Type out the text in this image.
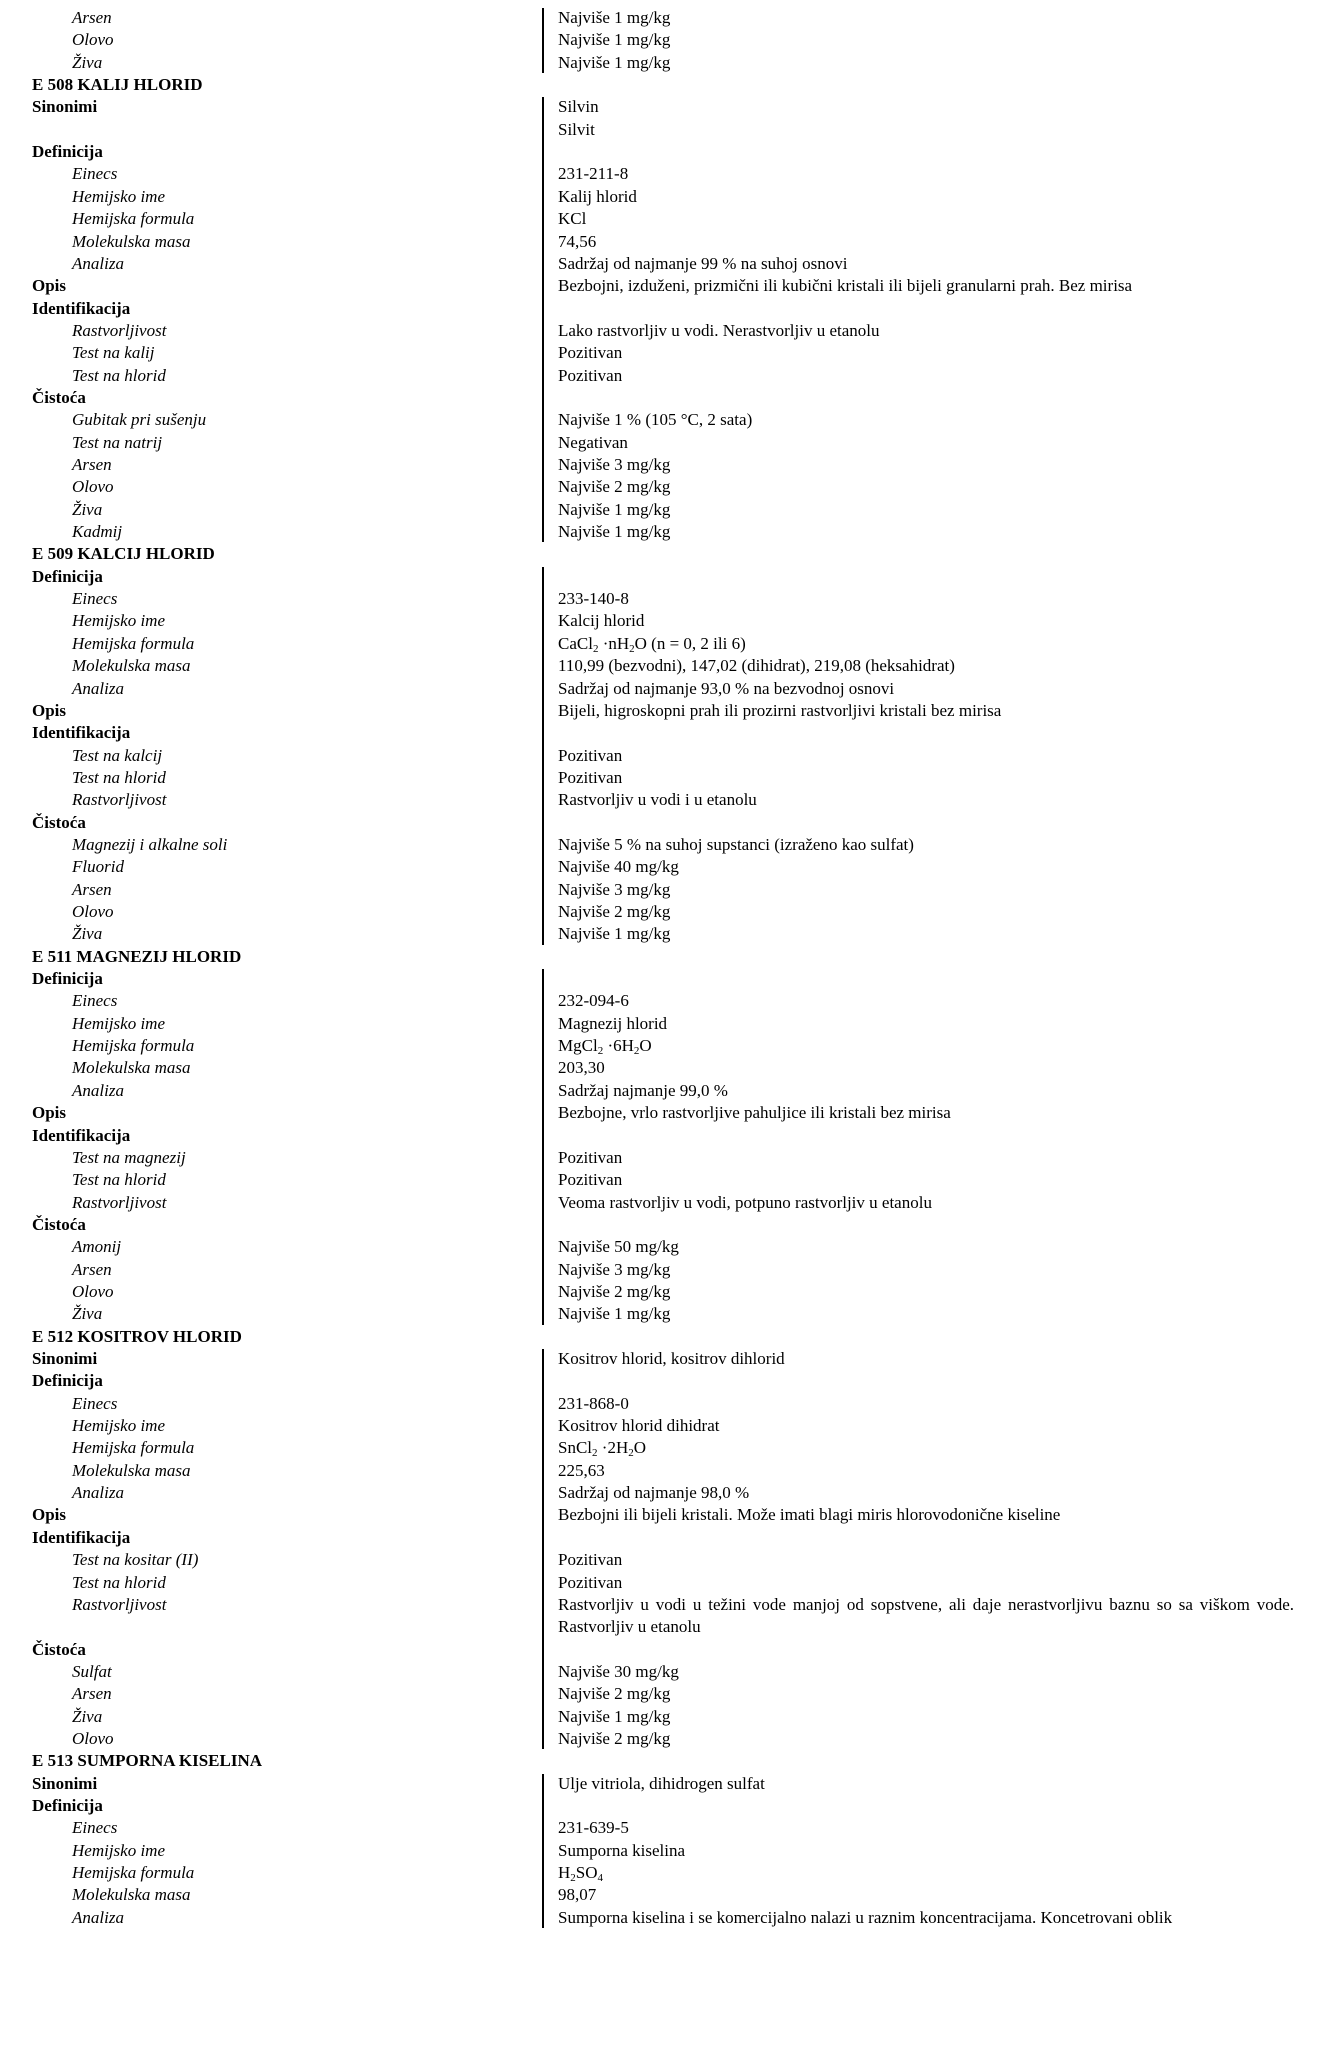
Arsen	Najviše 1 mg/kg
Olovo	Najviše 1 mg/kg
Živa	Najviše 1 mg/kg
E 508 KALIJ HLORID
Sinonimi	Silvin
Silvit
Definicija
Einecs	231-211-8
Hemijsko ime	Kalij hlorid
Hemijska formula	KCl
Molekulska masa	74,56
Analiza	Sadržaj od najmanje 99 % na suhoj osnovi
Opis	Bezbojni, izduženi, prizmični ili kubični kristali ili bijeli granularni prah. Bez mirisa
Identifikacija
Rastvorljivost	Lako rastvorljiv u vodi. Nerastvorljiv u etanolu
Test na kalij	Pozitivan
Test na hlorid	Pozitivan
Čistoća
Gubitak pri sušenju	Najviše 1 % (105 °C, 2 sata)
Test na natrij	Negativan
Arsen	Najviše 3 mg/kg
Olovo	Najviše 2 mg/kg
Živa	Najviše 1 mg/kg
Kadmij	Najviše 1 mg/kg
E 509 KALCIJ HLORID
Definicija
Einecs	233-140-8
Hemijsko ime	Kalcij hlorid
Hemijska formula	CaCl$_2$ $\cdot nH_2O$ (n = 0, 2 ili 6)
Molekulska masa	110,99 (bezvodni), 147,02 (dihidrat), 219,08 (heksahidrat)
Analiza	Sadržaj od najmanje 93,0 % na bezvodnoj osnovi
Opis	Bijeli, higroskopni prah ili prozirni rastvorljivi kristali bez mirisa
Identifikacija
Test na kalcij	Pozitivan
Test na hlorid	Pozitivan
Rastvorljivost	Rastvorljiv u vodi i u etanolu
Čistoća
Magnezij i alkalne soli	Najviše 5 % na suhoj supstanci (izraženo kao sulfat)
Fluorid	Najviše 40 mg/kg
Arsen	Najviše 3 mg/kg
Olovo	Najviše 2 mg/kg
Živa	Najviše 1 mg/kg
E 511 MAGNEZIJ HLORID
Definicija
Einecs	232-094-6
Hemijsko ime	Magnezij hlorid
Hemijska formula	MgCl$_2$ $\cdot 6H_2O$
Molekulska masa	203,30
Analiza	Sadržaj najmanje 99,0 %
Opis	Bezbojne, vrlo rastvorljive pahuljice ili kristali bez mirisa
Identifikacija
Test na magnezij	Pozitivan
Test na hlorid	Pozitivan
Rastvorljivost	Veoma rastvorljiv u vodi, potpuno rastvorljiv u etanolu
Čistoća
Amonij	Najviše 50 mg/kg
Arsen	Najviše 3 mg/kg
Olovo	Najviše 2 mg/kg
Živa	Najviše 1 mg/kg
E 512 KOSITROV HLORID
Sinonimi	Kositrov hlorid, kositrov dihlorid
Definicija
Einecs	231-868-0
Hemijsko ime	Kositrov hlorid dihidrat
Hemijska formula	SnCl$_2$ $\cdot 2H_2O$
Molekulska masa	225,63
Analiza	Sadržaj od najmanje 98,0 %
Opis	Bezbojni ili bijeli kristali. Može imati blagi miris hlorovodonične kiseline
Identifikacija
Test na kositar (II)	Pozitivan
Test na hlorid	Pozitivan
Rastvorljivost	Rastvorljiv u vodi u težini vode manjoj od sopstvene, ali daje nerastvorljivu baznu so sa viškom vode. Rastvorljiv u etanolu
Čistoća
Sulfat	Najviše 30 mg/kg
Arsen	Najviše 2 mg/kg
Živa	Najviše 1 mg/kg
Olovo	Najviše 2 mg/kg
E 513 SUMPORNA KISELINA
Sinonimi	Ulje vitriola, dihidrogen sulfat
Definicija
Einecs	231-639-5
Hemijsko ime	Sumporna kiselina
Hemijska formula	$H_2SO_4$
Molekulska masa	98,07
Analiza	Sumporna kiselina i se komercijalno nalazi u raznim koncentracijama. Koncetrovani oblik
